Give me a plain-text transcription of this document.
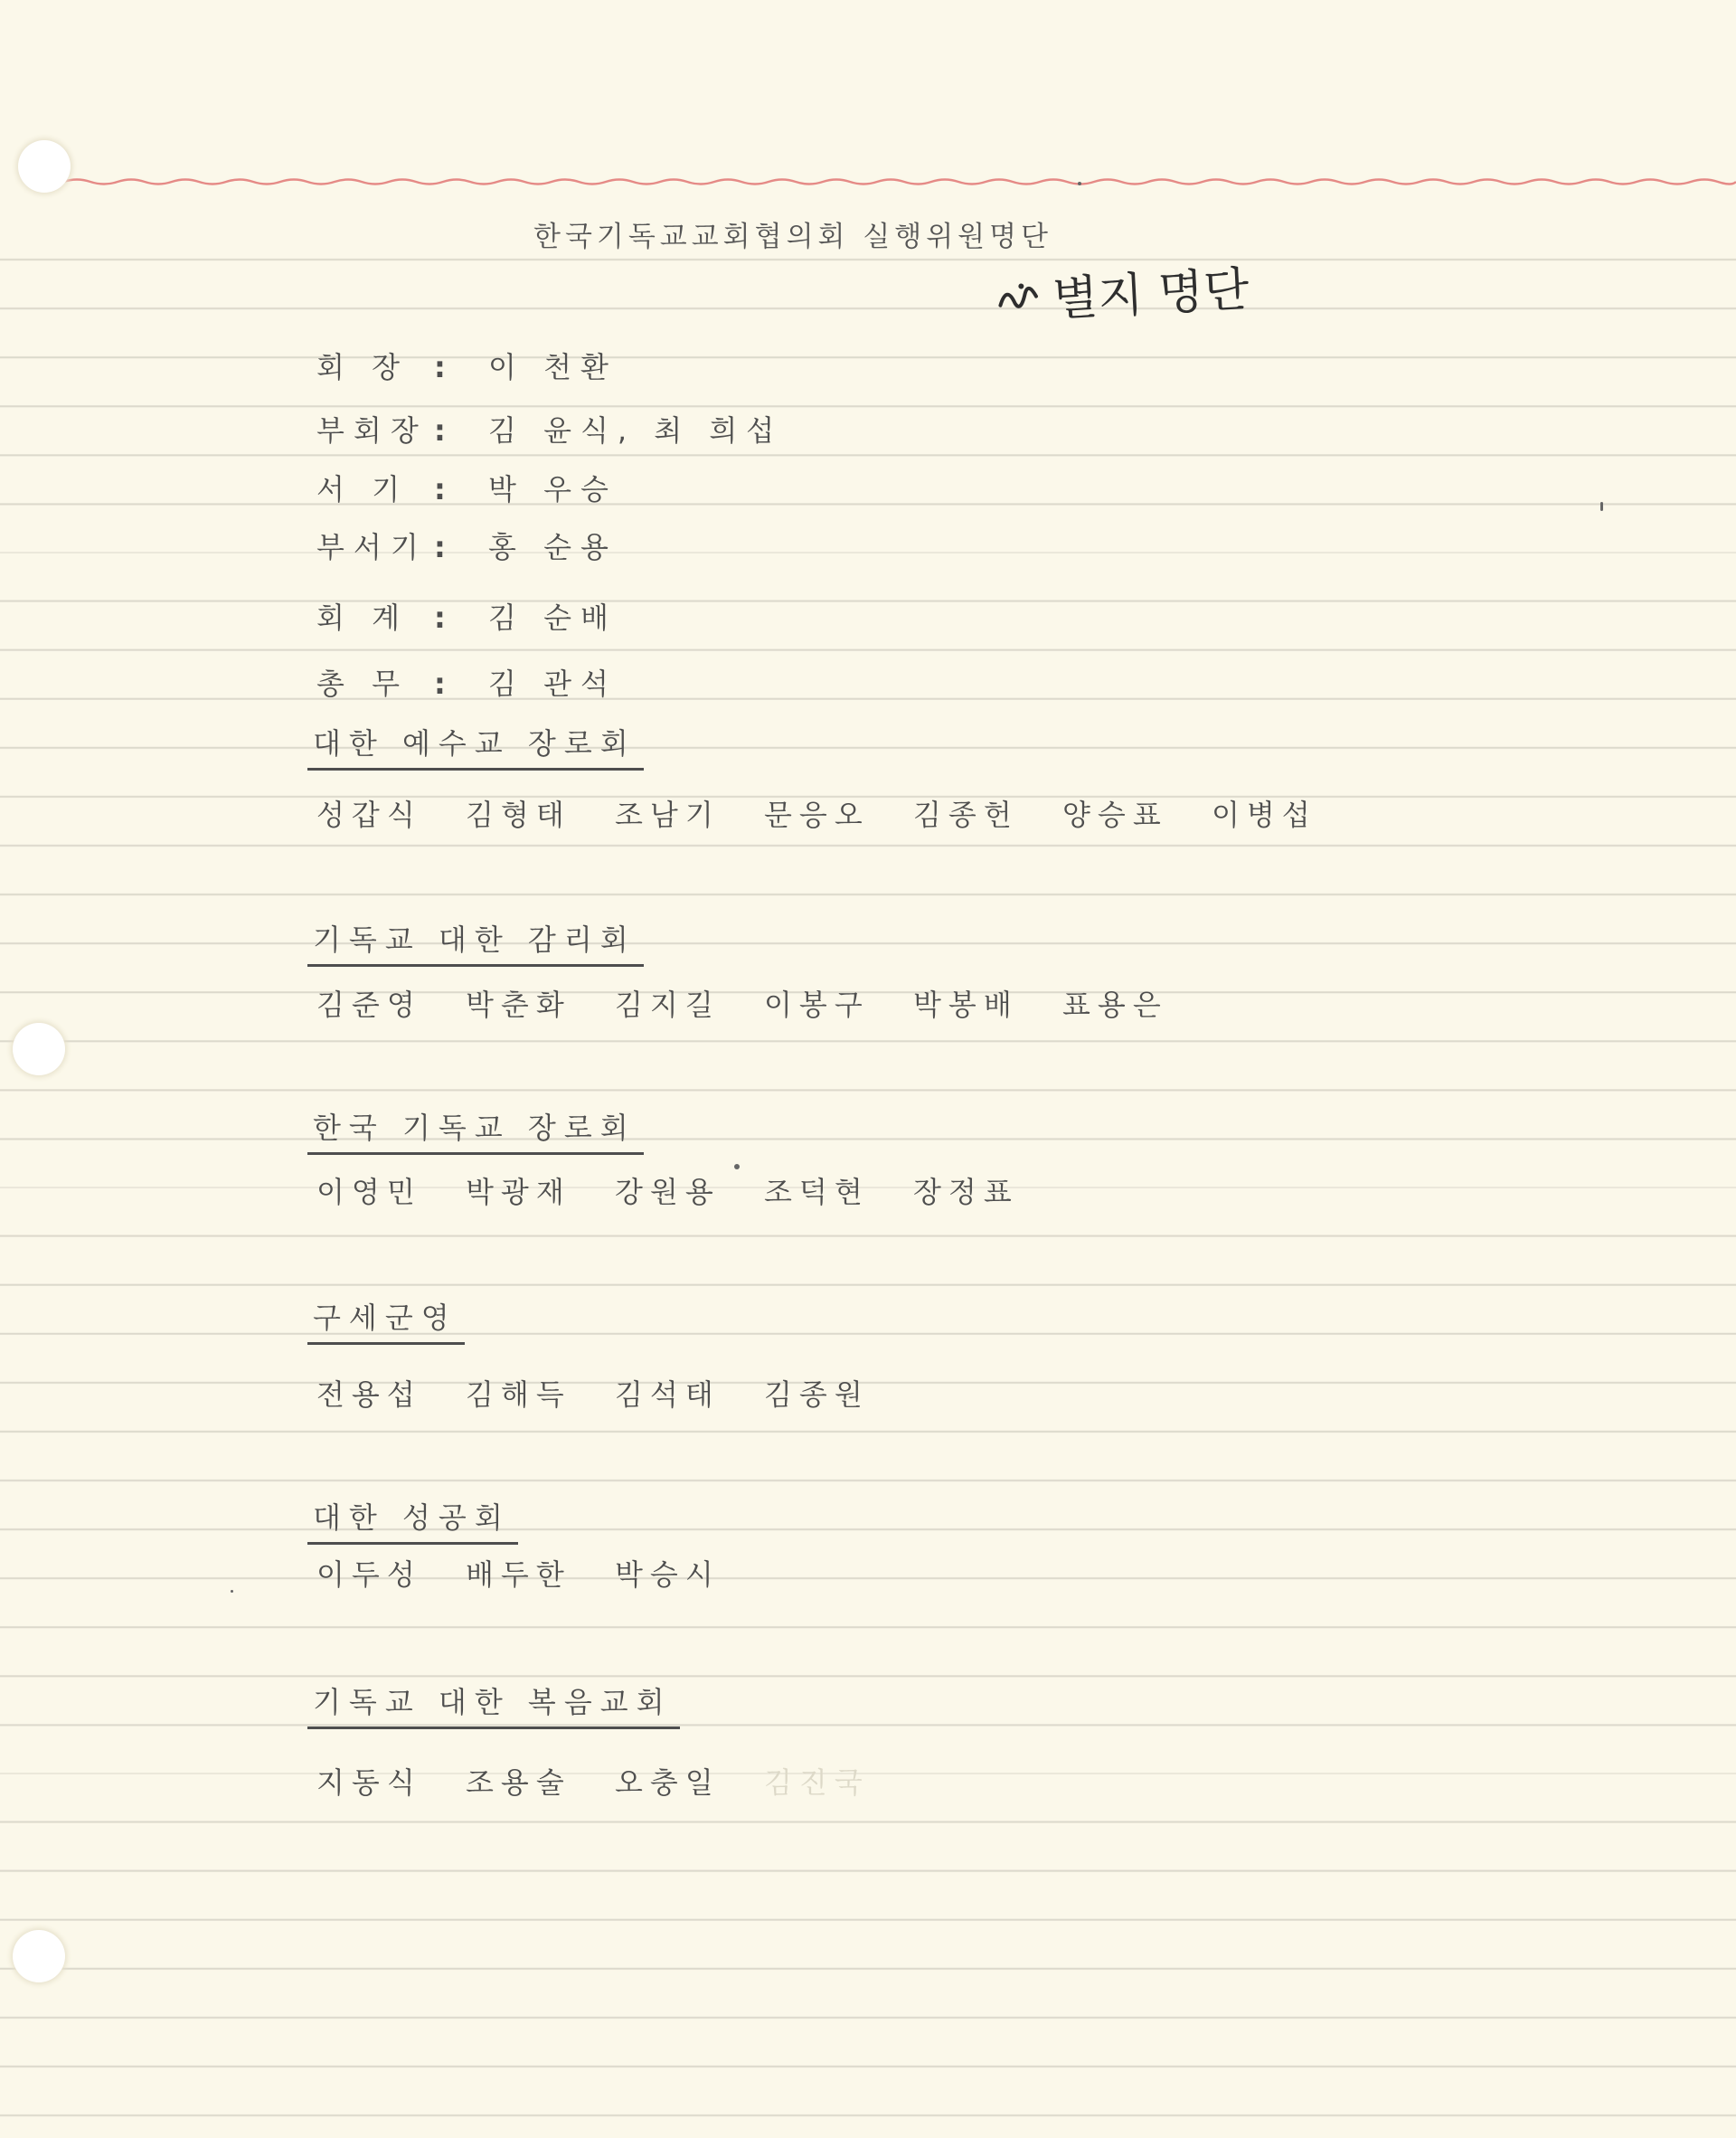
한국기독교교회협의회 실행위원명단
별지 명단
회 장 :	이 천환
부회장 :	김 윤식, 최 희섭
서 기 :	박 우승
부서기 :	홍 순용
회 계 :	김 순배
총 무 :	김 관석
대한 예수교 장로회
성갑식	김형태	조남기	문응오	김종헌	양승표	이병섭
기독교 대한 감리회
김준영	박춘화	김지길	이봉구	박봉배	표용은
한국 기독교 장로회
이영민	박광재	강원용	조덕현	장정표
구세군영
전용섭	김해득	김석태	김종원
대한 성공회
이두성	배두한	박승시
기독교 대한 복음교회
지동식	조용술	오충일	김진국
